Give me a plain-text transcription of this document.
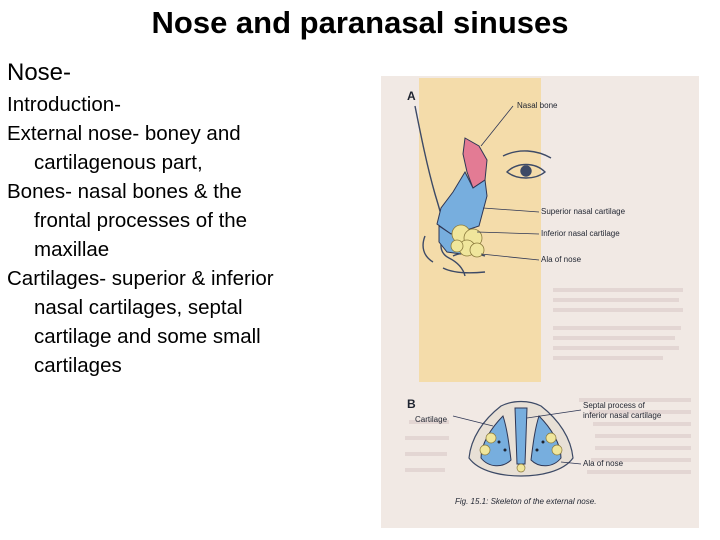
Nose and paranasal sinuses
Nose-
Introduction-
External nose- boney and
cartilagenous part,
Bones- nasal bones & the
frontal processes of the
maxillae
Cartilages- superior & inferior
nasal cartilages, septal
cartilage and some small
cartilages
A
Nasal bone
Superior nasal cartilage
Inferior nasal cartilage
Ala of nose
B
Cartilage
Septal process of
inferior nasal cartilage
Ala of nose
Fig. 15.1: Skeleton of the external nose.
